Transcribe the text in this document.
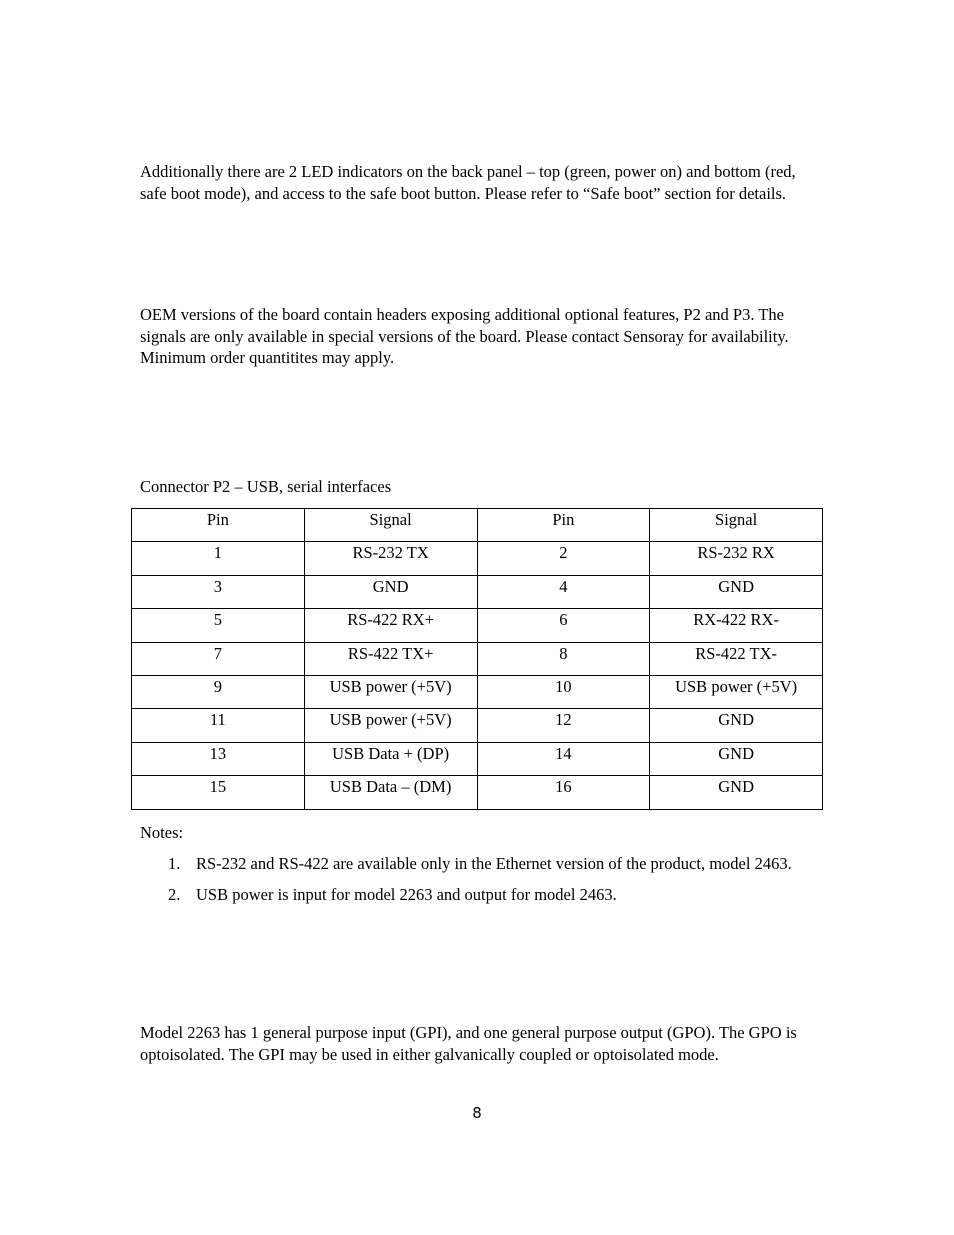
Additionally there are 2 LED indicators on the back panel – top (green, power on) and bottom (red, safe boot mode), and access to the safe boot button. Please refer to “Safe boot” section for details.

OEM versions of the board contain headers exposing additional optional features, P2 and P3. The signals are only available in special versions of the board. Please contact Sensoray for availability. Minimum order quantitites may apply.

Connector P2 – USB, serial interfaces

Pin	Signal	Pin	Signal
1	RS-232 TX	2	RS-232 RX
3	GND	4	GND
5	RS-422 RX+	6	RX-422 RX-
7	RS-422 TX+	8	RS-422 TX-
9	USB power (+5V)	10	USB power (+5V)
11	USB power (+5V)	12	GND
13	USB Data + (DP)	14	GND
15	USB Data – (DM)	16	GND

Notes:

1. RS-232 and RS-422 are available only in the Ethernet version of the product, model 2463.
2. USB power is input for model 2263 and output for model 2463.

Model 2263 has 1 general purpose input (GPI), and one general purpose output (GPO). The GPO is optoisolated. The GPI may be used in either galvanically coupled or optoisolated mode.

8
